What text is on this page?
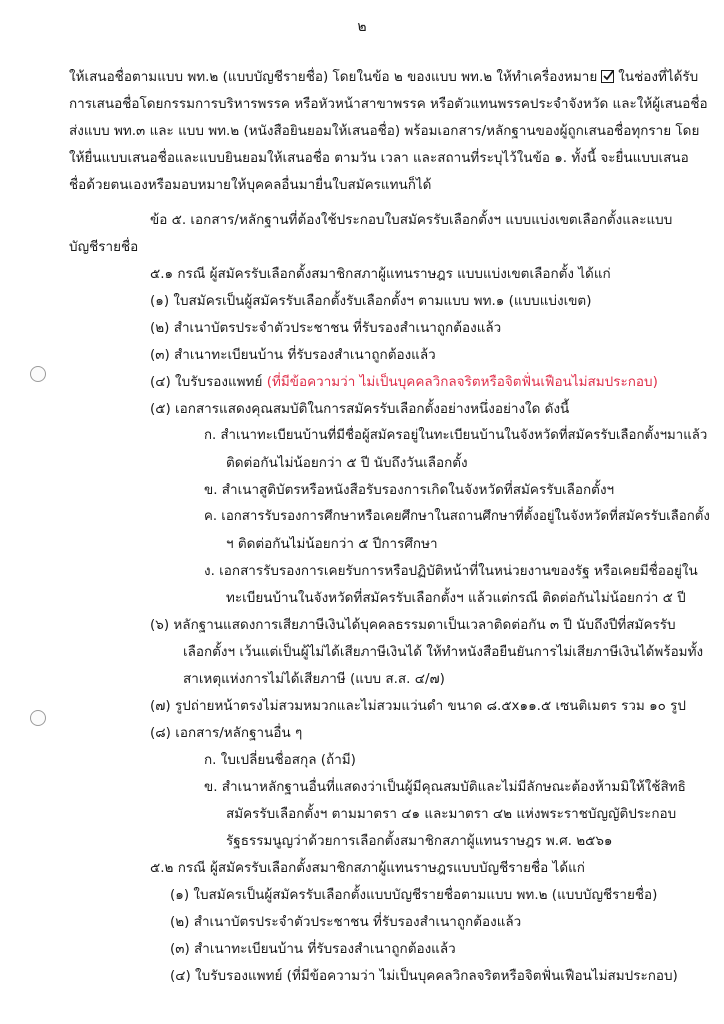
๒
ให้เสนอชื่อตามแบบ พท.๒ (แบบบัญชีรายชื่อ) โดยในข้อ ๒ ของแบบ พท.๒ ให้ทำเครื่องหมาย ในช่องที่ได้รับ
การเสนอชื่อโดยกรรมการบริหารพรรค หรือหัวหน้าสาขาพรรค หรือตัวแทนพรรคประจำจังหวัด และให้ผู้เสนอชื่อ
ส่งแบบ พท.๓ และ แบบ พท.๒ (หนังสือยินยอมให้เสนอชื่อ) พร้อมเอกสาร/หลักฐานของผู้ถูกเสนอชื่อทุกราย โดย
ให้ยื่นแบบเสนอชื่อและแบบยินยอมให้เสนอชื่อ ตามวัน เวลา และสถานที่ระบุไว้ในข้อ ๑. ทั้งนี้ จะยื่นแบบเสนอ
ชื่อด้วยตนเองหรือมอบหมายให้บุคคลอื่นมายื่นใบสมัครแทนก็ได้
ข้อ ๕. เอกสาร/หลักฐานที่ต้องใช้ประกอบใบสมัครรับเลือกตั้งฯ แบบแบ่งเขตเลือกตั้งและแบบ
บัญชีรายชื่อ
๕.๑ กรณี ผู้สมัครรับเลือกตั้งสมาชิกสภาผู้แทนราษฎร แบบแบ่งเขตเลือกตั้ง ได้แก่
(๑) ใบสมัครเป็นผู้สมัครรับเลือกตั้งรับเลือกตั้งฯ ตามแบบ พท.๑ (แบบแบ่งเขต)
(๒) สำเนาบัตรประจำตัวประชาชน ที่รับรองสำเนาถูกต้องแล้ว
(๓) สำเนาทะเบียนบ้าน ที่รับรองสำเนาถูกต้องแล้ว
(๔) ใบรับรองแพทย์ (ที่มีข้อความว่า ไม่เป็นบุคคลวิกลจริตหรือจิตฟั่นเฟือนไม่สมประกอบ)
(๕) เอกสารแสดงคุณสมบัติในการสมัครรับเลือกตั้งอย่างหนึ่งอย่างใด ดังนี้
ก. สำเนาทะเบียนบ้านที่มีชื่อผู้สมัครอยู่ในทะเบียนบ้านในจังหวัดที่สมัครรับเลือกตั้งฯมาแล้ว
ติดต่อกันไม่น้อยกว่า ๕ ปี นับถึงวันเลือกตั้ง
ข. สำเนาสูติบัตรหรือหนังสือรับรองการเกิดในจังหวัดที่สมัครรับเลือกตั้งฯ
ค. เอกสารรับรองการศึกษาหรือเคยศึกษาในสถานศึกษาที่ตั้งอยู่ในจังหวัดที่สมัครรับเลือกตั้ง
ฯ ติดต่อกันไม่น้อยกว่า ๕ ปีการศึกษา
ง. เอกสารรับรองการเคยรับการหรือปฏิบัติหน้าที่ในหน่วยงานของรัฐ หรือเคยมีชื่ออยู่ใน
ทะเบียนบ้านในจังหวัดที่สมัครรับเลือกตั้งฯ แล้วแต่กรณี ติดต่อกันไม่น้อยกว่า ๕ ปี
(๖) หลักฐานแสดงการเสียภาษีเงินได้บุคคลธรรมดาเป็นเวลาติดต่อกัน ๓ ปี นับถึงปีที่สมัครรับ
เลือกตั้งฯ เว้นแต่เป็นผู้ไม่ได้เสียภาษีเงินได้ ให้ทำหนังสือยืนยันการไม่เสียภาษีเงินได้พร้อมทั้ง
สาเหตุแห่งการไม่ได้เสียภาษี (แบบ ส.ส. ๔/๗)
(๗) รูปถ่ายหน้าตรงไม่สวมหมวกและไม่สวมแว่นดำ ขนาด ๘.๕x๑๑.๕ เซนติเมตร รวม ๑๐ รูป
(๘) เอกสาร/หลักฐานอื่น ๆ
ก. ใบเปลี่ยนชื่อสกุล (ถ้ามี)
ข. สำเนาหลักฐานอื่นที่แสดงว่าเป็นผู้มีคุณสมบัติและไม่มีลักษณะต้องห้ามมิให้ใช้สิทธิ
สมัครรับเลือกตั้งฯ ตามมาตรา ๔๑ และมาตรา ๔๒ แห่งพระราชบัญญัติประกอบ
รัฐธรรมนูญว่าด้วยการเลือกตั้งสมาชิกสภาผู้แทนราษฎร พ.ศ. ๒๕๖๑
๕.๒ กรณี ผู้สมัครรับเลือกตั้งสมาชิกสภาผู้แทนราษฎรแบบบัญชีรายชื่อ ได้แก่
(๑) ใบสมัครเป็นผู้สมัครรับเลือกตั้งแบบบัญชีรายชื่อตามแบบ พท.๒ (แบบบัญชีรายชื่อ)
(๒) สำเนาบัตรประจำตัวประชาชน ที่รับรองสำเนาถูกต้องแล้ว
(๓) สำเนาทะเบียนบ้าน ที่รับรองสำเนาถูกต้องแล้ว
(๔) ใบรับรองแพทย์ (ที่มีข้อความว่า ไม่เป็นบุคคลวิกลจริตหรือจิตฟั่นเฟือนไม่สมประกอบ)
